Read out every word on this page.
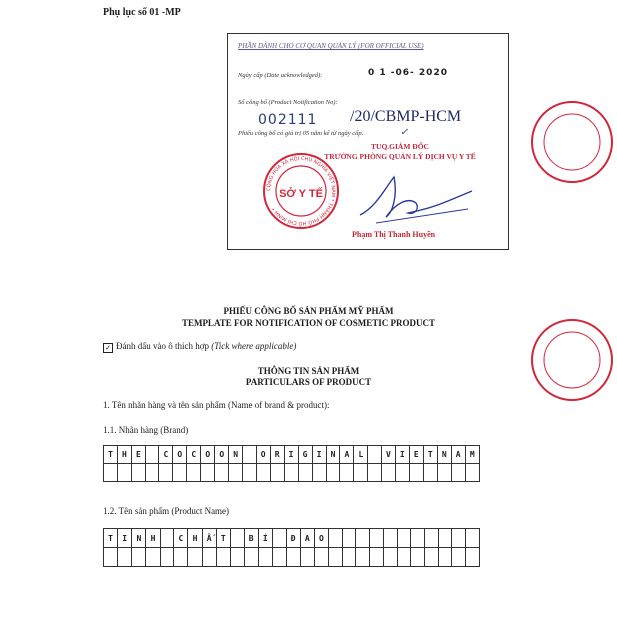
Phụ lục số 01 -MP
PHẦN DÀNH CHO CƠ QUAN QUẢN LÝ (FOR OFFICIAL USE)
Ngày cấp (Date acknowledged):	0 1 -06- 2020
Số công bố (Product Notification No):
002111 /20/CBMP-HCM
Phiếu công bố có giá trị 05 năm kể từ ngày cấp.	✓
CỘNG HÒA XÃ HỘI CHỦ NGHĨA VIỆT NAM * THÀNH PHỐ HỒ CHÍ MINH *
SỞ Y TẾ
TUQ.GIÁM ĐỐC
TRƯỞNG PHÒNG QUẢN LÝ DỊCH VỤ Y TẾ
Phạm Thị Thanh Huyền
PHIẾU CÔNG BỐ SẢN PHẨM MỸ PHẨM
TEMPLATE FOR NOTIFICATION OF COSMETIC PRODUCT
✓ Đánh dấu vào ô thích hợp (Tick where applicable)
THÔNG TIN SẢN PHẨM
PARTICULARS OF PRODUCT
1. Tên nhãn hàng và tên sản phẩm (Name of brand & product):
1.1. Nhãn hàng (Brand)
T	H	E		C	O	C	O	O	N		O	R	I	G	I	N	A	L		V	I	E	T	N	A	M

1.2. Tên sản phẩm (Product Name)
T	I	N	H		C	H	Ấ	T		B	Í		Đ	A	O											
